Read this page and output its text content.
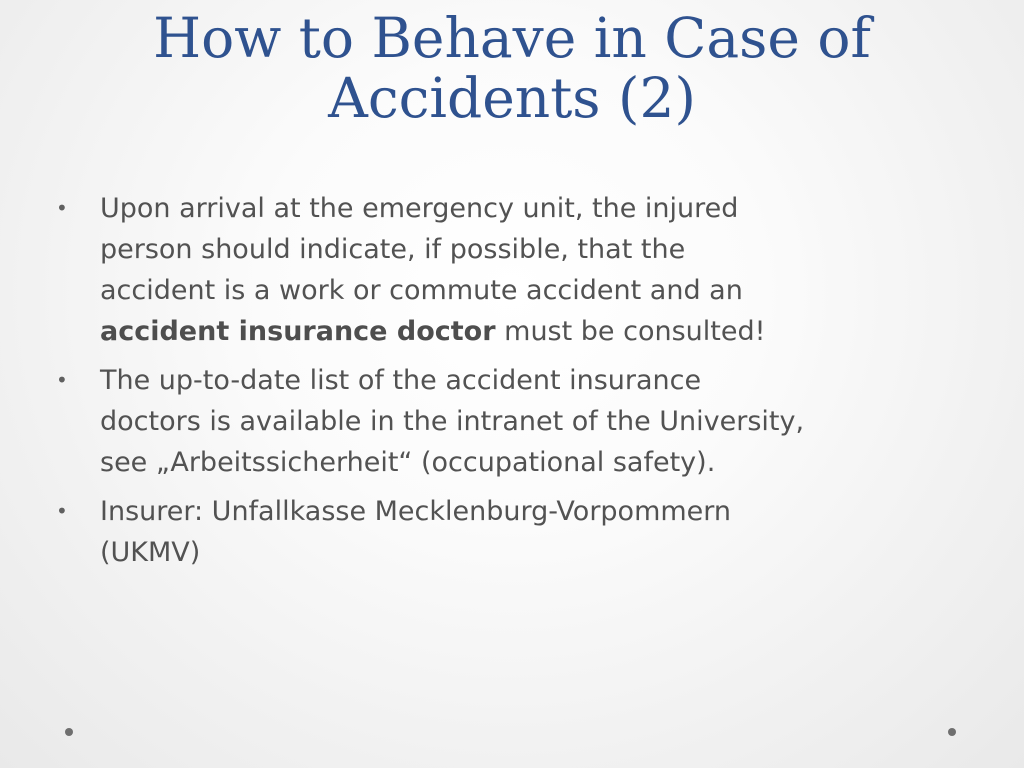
How to Behave in Case of
Accidents (2)
• Upon arrival at the emergency unit, the injured
person should indicate, if possible, that the
accident is a work or commute accident and an
accident insurance doctor must be consulted!
• The up-to-date list of the accident insurance
doctors is available in the intranet of the University,
see „Arbeitssicherheit“ (occupational safety).
• Insurer: Unfallkasse Mecklenburg-Vorpommern
(UKMV)
